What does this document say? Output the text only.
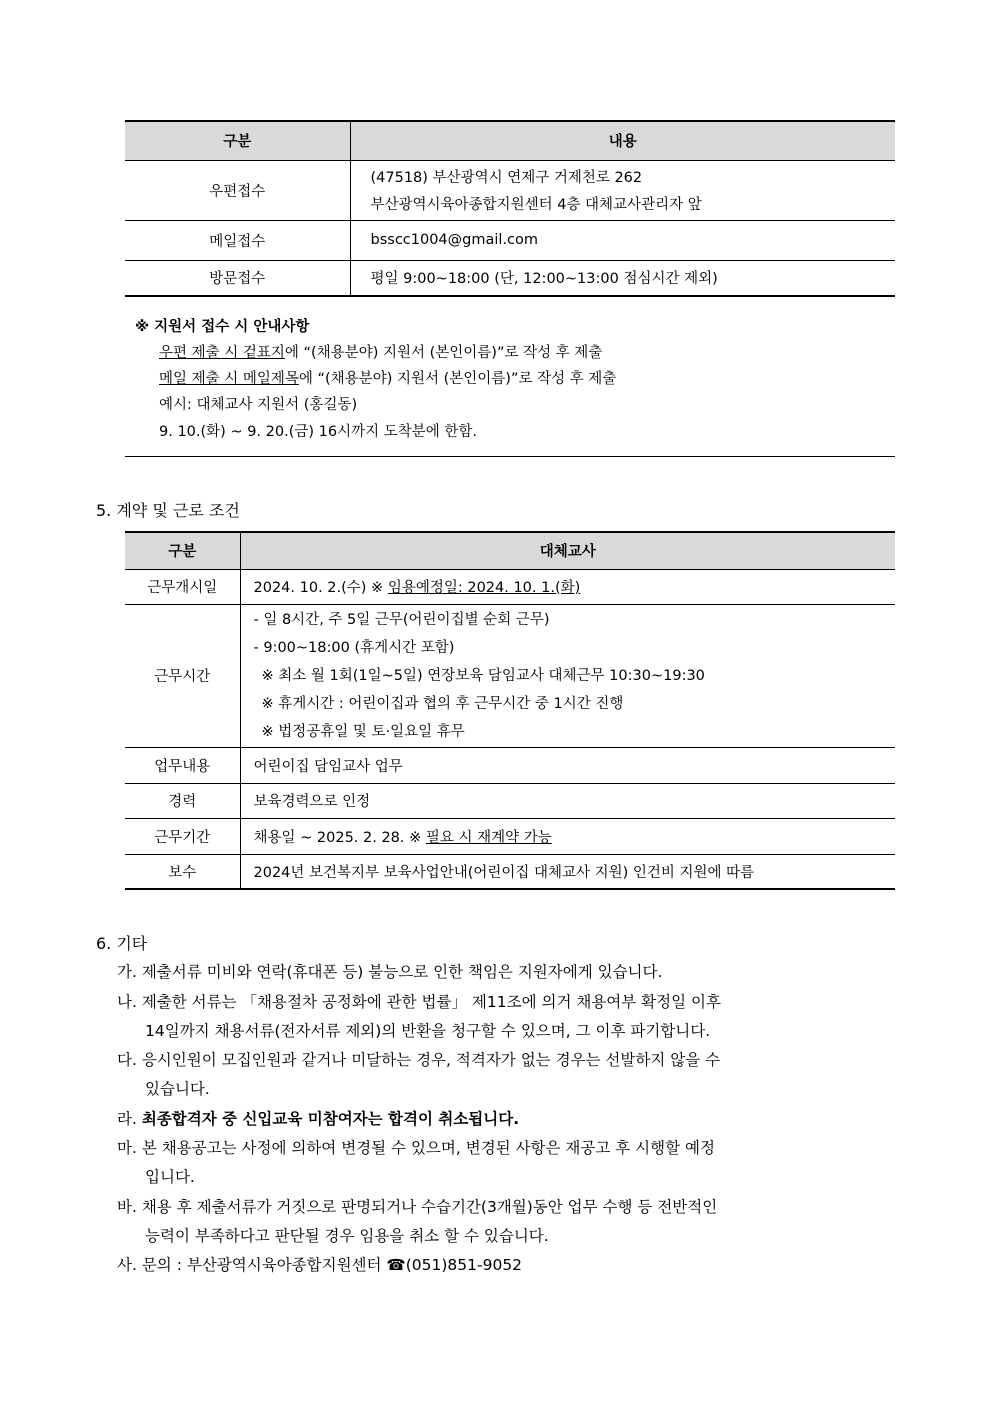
구분	내용
우편접수	(47518) 부산광역시 연제구 거제천로 262
부산광역시육아종합지원센터 4층 대체교사관리자 앞

메일접수	bsscc1004@gmail.com
방문접수	평일 9:00~18:00 (단, 12:00~13:00 점심시간 제외)
※ 지원서 접수 시 안내사항
우편 제출 시 겉표지에 “(채용분야) 지원서 (본인이름)”로 작성 후 제출
메일 제출 시 메일제목에 “(채용분야) 지원서 (본인이름)”로 작성 후 제출
예시: 대체교사 지원서 (홍길동)
9. 10.(화) ~ 9. 20.(금) 16시까지 도착분에 한함.
5. 계약 및 근로 조건
구분	대체교사
근무개시일	2024. 10. 2.(수) ※ 임용예정일: 2024. 10. 1.(화)
근무시간	- 일 8시간, 주 5일 근무(어린이집별 순회 근무)
- 9:00~18:00 (휴게시간 포함)
※ 최소 월 1회(1일~5일) 연장보육 담임교사 대체근무 10:30~19:30
※ 휴게시간 : 어린이집과 협의 후 근무시간 중 1시간 진행
※ 법정공휴일 및 토·일요일 휴무

업무내용	어린이집 담임교사 업무
경력	보육경력으로 인정
근무기간	채용일 ~ 2025. 2. 28. ※ 필요 시 재계약 가능
보수	2024년 보건복지부 보육사업안내(어린이집 대체교사 지원) 인건비 지원에 따름
6. 기타
가. 제출서류 미비와 연락(휴대폰 등) 불능으로 인한 책임은 지원자에게 있습니다.
나. 제출한 서류는 「채용절차 공정화에 관한 법률」 제11조에 의거 채용여부 확정일 이후
14일까지 채용서류(전자서류 제외)의 반환을 청구할 수 있으며, 그 이후 파기합니다.
다. 응시인원이 모집인원과 같거나 미달하는 경우, 적격자가 없는 경우는 선발하지 않을 수
있습니다.
라. 최종합격자 중 신입교육 미참여자는 합격이 취소됩니다.
마. 본 채용공고는 사정에 의하여 변경될 수 있으며, 변경된 사항은 재공고 후 시행할 예정
입니다.
바. 채용 후 제출서류가 거짓으로 판명되거나 수습기간(3개월)동안 업무 수행 등 전반적인
능력이 부족하다고 판단될 경우 임용을 취소 할 수 있습니다.
사. 문의 : 부산광역시육아종합지원센터 ☎(051)851-9052
